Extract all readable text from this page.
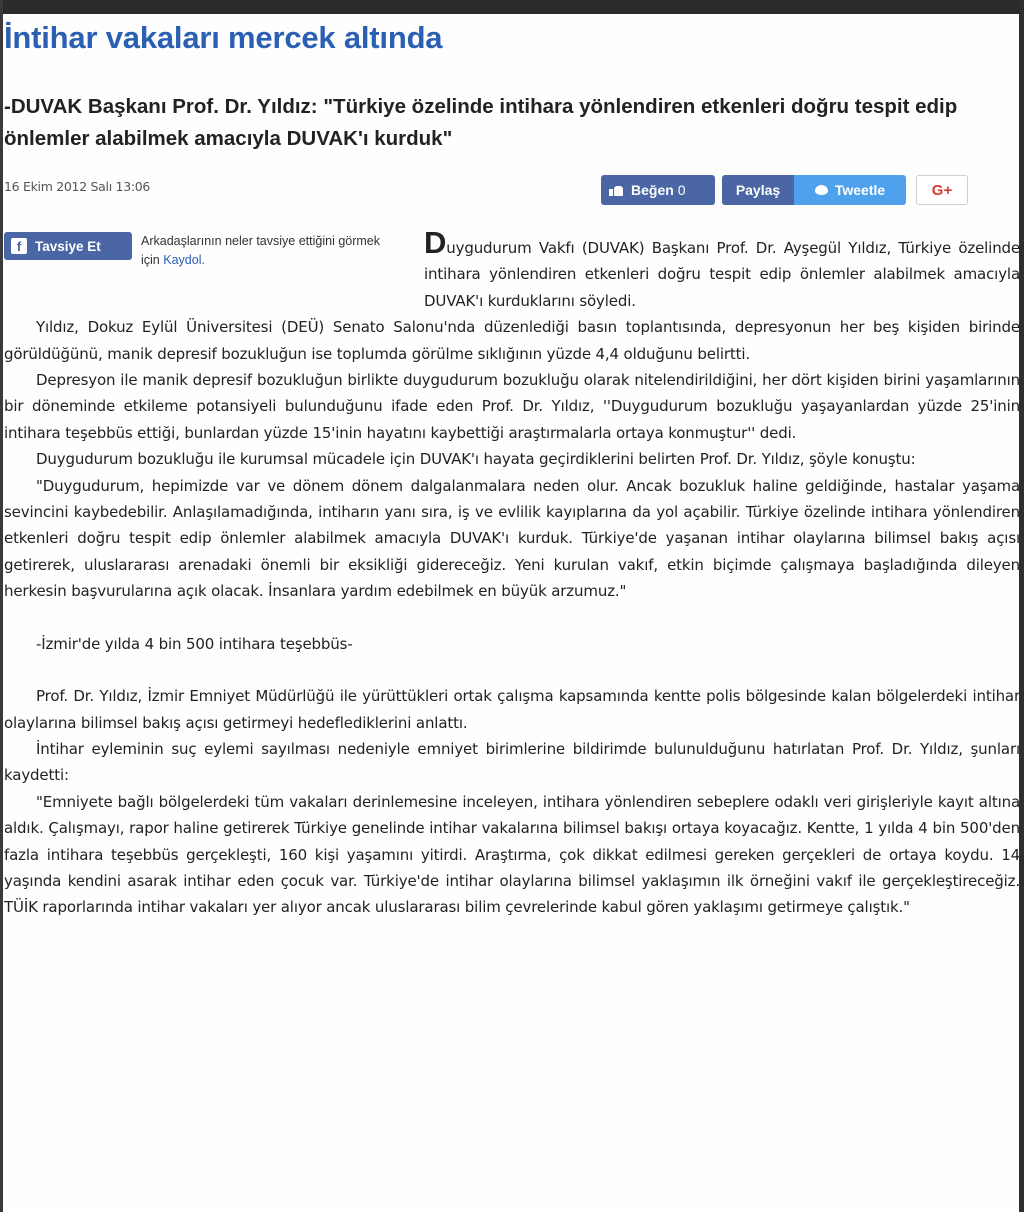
İntihar vakaları mercek altında
-DUVAK Başkanı Prof. Dr. Yıldız: "Türkiye özelinde intihara yönlendiren etkenleri doğru tespit edip önlemler alabilmek amacıyla DUVAK'ı kurduk"
16 Ekim 2012 Salı 13:06	Beğen
0	Paylaş	Tweetle	G+

Duygudurum Vakfı (DUVAK) Başkanı Prof. Dr. Ayşegül Yıldız, Türkiye özelinde intihara yönlendiren etkenleri doğru tespit edip önlemler alabilmek amacıyla DUVAK'ı kurduklarını söyledi.

Yıldız, Dokuz Eylül Üniversitesi (DEÜ) Senato Salonu'nda düzenlediği basın toplantısında, depresyonun her beş kişiden birinde görüldüğünü, manik depresif bozukluğun ise toplumda görülme sıklığının yüzde 4,4 olduğunu belirtti.

Depresyon ile manik depresif bozukluğun birlikte duygudurum bozukluğu olarak nitelendirildiğini, her dört kişiden birini yaşamlarının bir döneminde etkileme potansiyeli bulunduğunu ifade eden Prof. Dr. Yıldız, ''Duygudurum bozukluğu yaşayanlardan yüzde 25'inin intihara teşebbüs ettiği, bunlardan yüzde 15'inin hayatını kaybettiği araştırmalarla ortaya konmuştur'' dedi.

Duygudurum bozukluğu ile kurumsal mücadele için DUVAK'ı hayata geçirdiklerini belirten Prof. Dr. Yıldız, şöyle konuştu:

"Duygudurum, hepimizde var ve dönem dönem dalgalanmalara neden olur. Ancak bozukluk haline geldiğinde, hastalar yaşama sevincini kaybedebilir. Anlaşılamadığında, intiharın yanı sıra, iş ve evlilik kayıplarına da yol açabilir. Türkiye özelinde intihara yönlendiren etkenleri doğru tespit edip önlemler alabilmek amacıyla DUVAK'ı kurduk. Türkiye'de yaşanan intihar olaylarına bilimsel bakış açısı getirerek, uluslararası arenadaki önemli bir eksikliği gidereceğiz. Yeni kurulan vakıf, etkin biçimde çalışmaya başladığında dileyen herkesin başvurularına açık olacak. İnsanlara yardım edebilmek en büyük arzumuz."

-İzmir'de yılda 4 bin 500 intihara teşebbüs-

Prof. Dr. Yıldız, İzmir Emniyet Müdürlüğü ile yürüttükleri ortak çalışma kapsamında kentte polis bölgesinde kalan bölgelerdeki intihar olaylarına bilimsel bakış açısı getirmeyi hedeflediklerini anlattı.

İntihar eyleminin suç eylemi sayılması nedeniyle emniyet birimlerine bildirimde bulunulduğunu hatırlatan Prof. Dr. Yıldız, şunları kaydetti:

"Emniyete bağlı bölgelerdeki tüm vakaları derinlemesine inceleyen, intihara yönlendiren sebeplere odaklı veri girişleriyle kayıt altına aldık. Çalışmayı, rapor haline getirerek Türkiye genelinde intihar vakalarına bilimsel bakışı ortaya koyacağız. Kentte, 1 yılda 4 bin 500'den fazla intihara teşebbüs gerçekleşti, 160 kişi yaşamını yitirdi. Araştırma, çok dikkat edilmesi gereken gerçekleri de ortaya koydu. 14 yaşında kendini asarak intihar eden çocuk var. Türkiye'de intihar olaylarına bilimsel yaklaşımın ilk örneğini vakıf ile gerçekleştireceğiz. TÜİK raporlarında intihar vakaları yer alıyor ancak uluslararası bilim çevrelerinde kabul gören yaklaşımı getirmeye çalıştık."

f	Tavsiye Et	Arkadaşlarının neler tavsiye ettiğini görmek için Kaydol.
